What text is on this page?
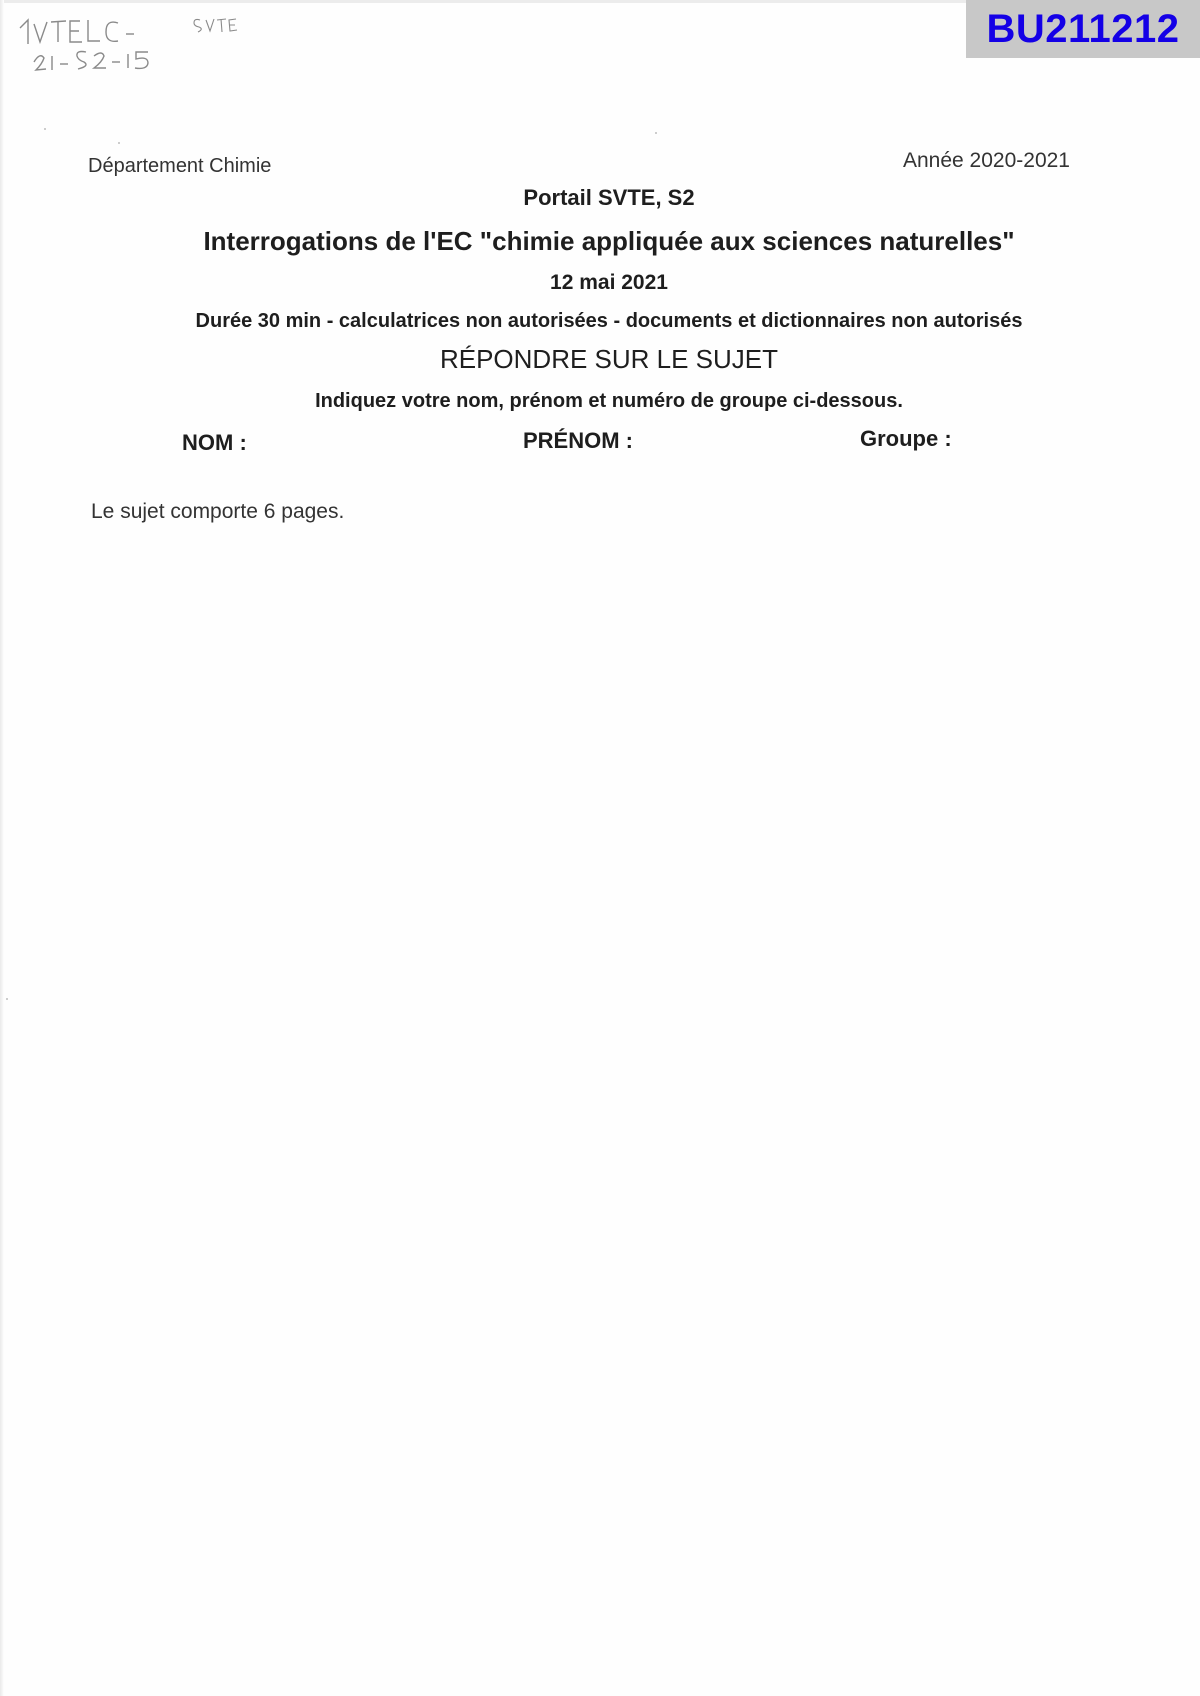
BU211212
Département Chimie	Année 2020-2021
Portail SVTE, S2
Interrogations de l'EC "chimie appliquée aux sciences naturelles"
12 mai 2021
Durée 30 min - calculatrices non autorisées - documents et dictionnaires non autorisés
RÉPONDRE SUR LE SUJET
Indiquez votre nom, prénom et numéro de groupe ci-dessous.
NOM :	PRÉNOM :	Groupe :
Le sujet comporte 6 pages.
